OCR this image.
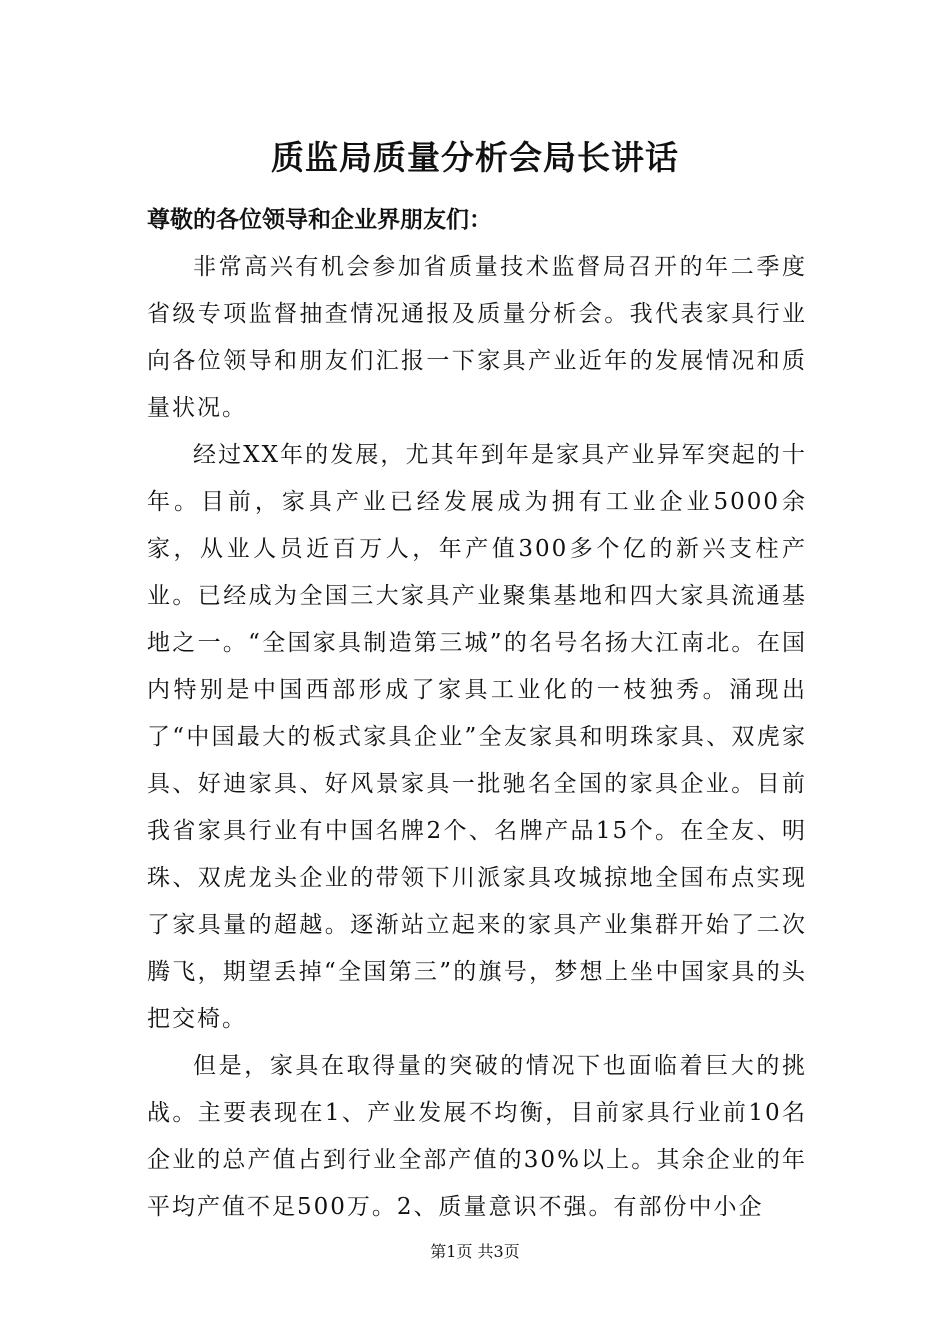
质监局质量分析会局长讲话
尊敬的各位领导和企业界朋友们：

非常高兴有机会参加省质量技术监督局召开的年二季度省级专项监督抽查情况通报及质量分析会。我代表家具行业向各位领导和朋友们汇报一下家具产业近年的发展情况和质量状况。

经过XX年的发展，尤其年到年是家具产业异军突起的十年。目前，家具产业已经发展成为拥有工业企业5000余家，从业人员近百万人，年产值300多个亿的新兴支柱产业。已经成为全国三大家具产业聚集基地和四大家具流通基地之一。“全国家具制造第三城”的名号名扬大江南北。在国内特别是中国西部形成了家具工业化的一枝独秀。涌现出了“中国最大的板式家具企业”全友家具和明珠家具、双虎家具、好迪家具、好风景家具一批驰名全国的家具企业。目前我省家具行业有中国名牌2个、名牌产品15个。在全友、明珠、双虎龙头企业的带领下川派家具攻城掠地全国布点实现了家具量的超越。逐渐站立起来的家具产业集群开始了二次腾飞，期望丢掉“全国第三”的旗号，梦想上坐中国家具的头把交椅。

但是，家具在取得量的突破的情况下也面临着巨大的挑战。主要表现在1、产业发展不均衡，目前家具行业前10名企业的总产值占到行业全部产值的30%以上。其余企业的年平均产值不足500万。2、质量意识不强。有部份中小企

第1页 共3页
